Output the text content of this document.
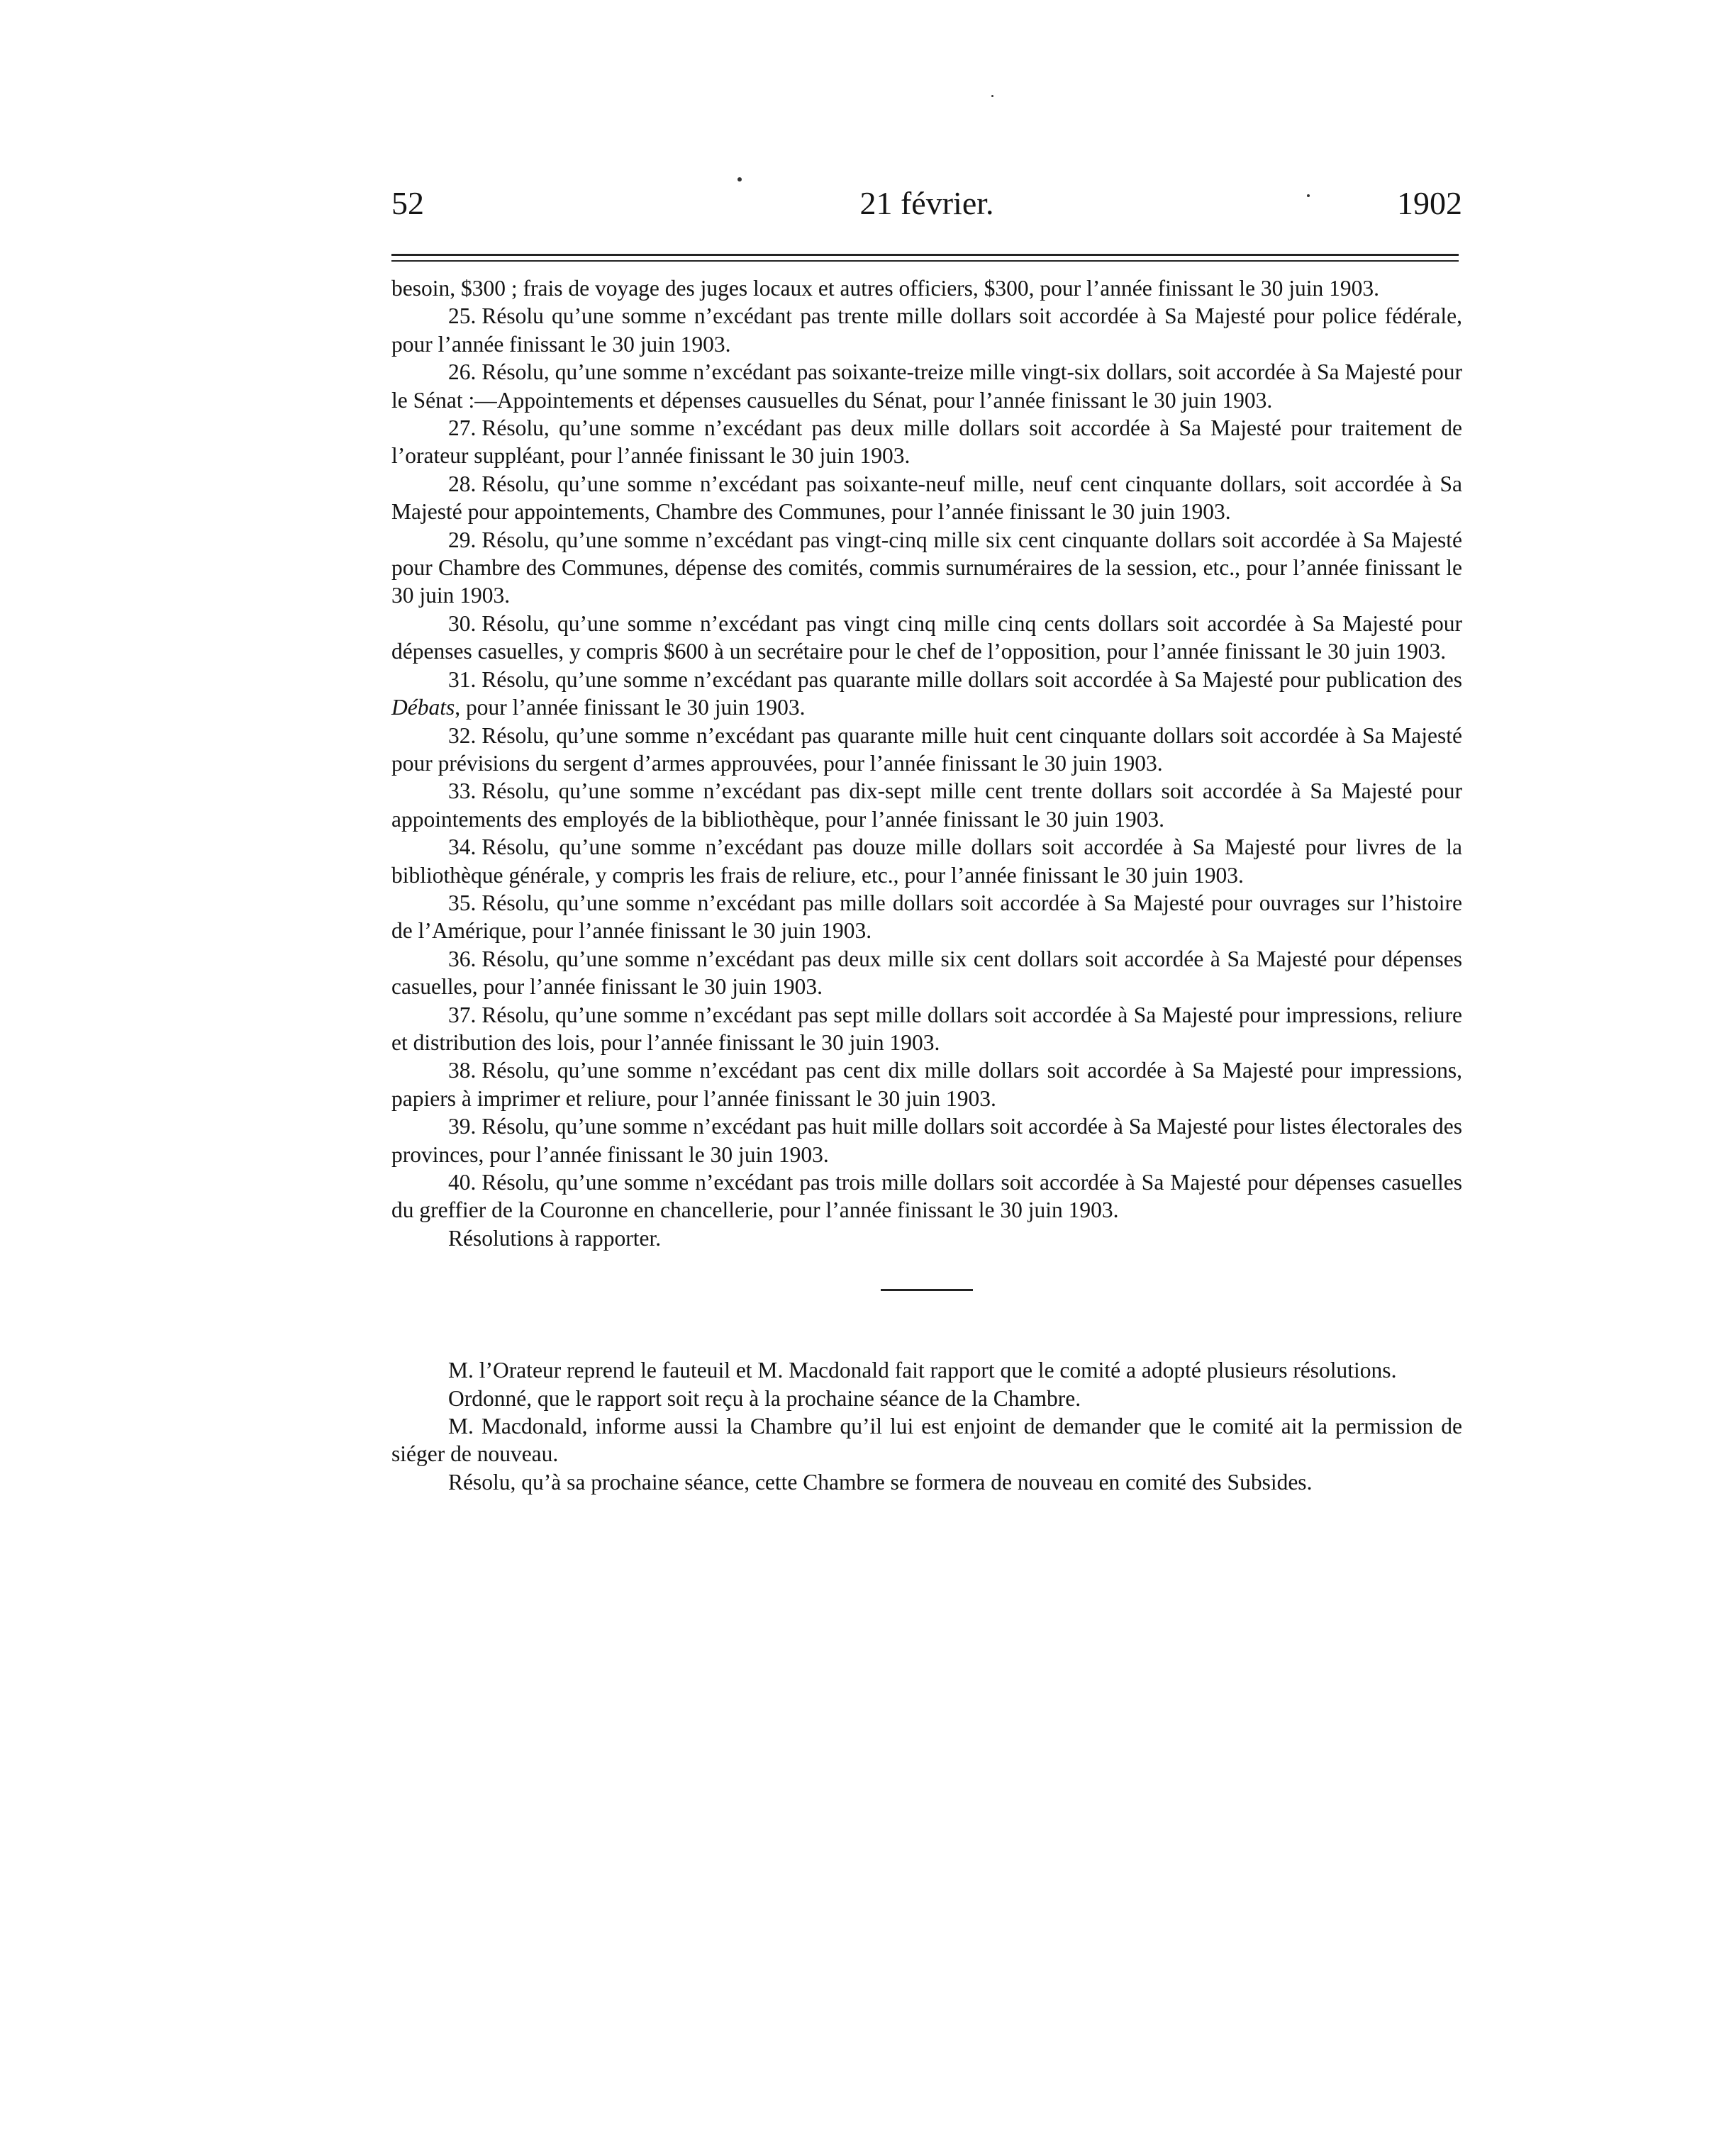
52	21 février.	1902

besoin, $300 ; frais de voyage des juges locaux et autres officiers, $300, pour l’année finissant le 30 juin 1903.

25. Résolu qu’une somme n’excédant pas trente mille dollars soit accordée à Sa Majesté pour police fédérale, pour l’année finissant le 30 juin 1903.

26. Résolu, qu’une somme n’excédant pas soixante-treize mille vingt-six dollars, soit accordée à Sa Majesté pour le Sénat :—Appointements et dépenses causuelles du Sénat, pour l’année finissant le 30 juin 1903.

27. Résolu, qu’une somme n’excédant pas deux mille dollars soit accordée à Sa Majesté pour traitement de l’orateur suppléant, pour l’année finissant le 30 juin 1903.

28. Résolu, qu’une somme n’excédant pas soixante-neuf mille, neuf cent cinquante dollars, soit accordée à Sa Majesté pour appointements, Chambre des Communes, pour l’année finissant le 30 juin 1903.

29. Résolu, qu’une somme n’excédant pas vingt-cinq mille six cent cinquante dollars soit accordée à Sa Majesté pour Chambre des Communes, dépense des comités, commis surnuméraires de la session, etc., pour l’année finissant le 30 juin 1903.

30. Résolu, qu’une somme n’excédant pas vingt cinq mille cinq cents dollars soit accordée à Sa Majesté pour dépenses casuelles, y compris $600 à un secrétaire pour le chef de l’opposition, pour l’année finissant le 30 juin 1903.

31. Résolu, qu’une somme n’excédant pas quarante mille dollars soit accordée à Sa Majesté pour publication des Débats, pour l’année finissant le 30 juin 1903.

32. Résolu, qu’une somme n’excédant pas quarante mille huit cent cinquante dollars soit accordée à Sa Majesté pour prévisions du sergent d’armes approuvées, pour l’année finissant le 30 juin 1903.

33. Résolu, qu’une somme n’excédant pas dix-sept mille cent trente dollars soit accordée à Sa Majesté pour appointements des employés de la bibliothèque, pour l’année finissant le 30 juin 1903.

34. Résolu, qu’une somme n’excédant pas douze mille dollars soit accordée à Sa Majesté pour livres de la bibliothèque générale, y compris les frais de reliure, etc., pour l’année finissant le 30 juin 1903.

35. Résolu, qu’une somme n’excédant pas mille dollars soit accordée à Sa Majesté pour ouvrages sur l’histoire de l’Amérique, pour l’année finissant le 30 juin 1903.

36. Résolu, qu’une somme n’excédant pas deux mille six cent dollars soit accordée à Sa Majesté pour dépenses casuelles, pour l’année finissant le 30 juin 1903.

37. Résolu, qu’une somme n’excédant pas sept mille dollars soit accordée à Sa Majesté pour impressions, reliure et distribution des lois, pour l’année finissant le 30 juin 1903.

38. Résolu, qu’une somme n’excédant pas cent dix mille dollars soit accordée à Sa Majesté pour impressions, papiers à imprimer et reliure, pour l’année finissant le 30 juin 1903.

39. Résolu, qu’une somme n’excédant pas huit mille dollars soit accordée à Sa Majesté pour listes électorales des provinces, pour l’année finissant le 30 juin 1903.

40. Résolu, qu’une somme n’excédant pas trois mille dollars soit accordée à Sa Majesté pour dépenses casuelles du greffier de la Couronne en chancellerie, pour l’année finissant le 30 juin 1903.

Résolutions à rapporter.

M. l’Orateur reprend le fauteuil et M. Macdonald fait rapport que le comité a adopté plusieurs résolutions.

Ordonné, que le rapport soit reçu à la prochaine séance de la Chambre.

M. Macdonald, informe aussi la Chambre qu’il lui est enjoint de demander que le comité ait la permission de siéger de nouveau.

Résolu, qu’à sa prochaine séance, cette Chambre se formera de nouveau en comité des Subsides.
